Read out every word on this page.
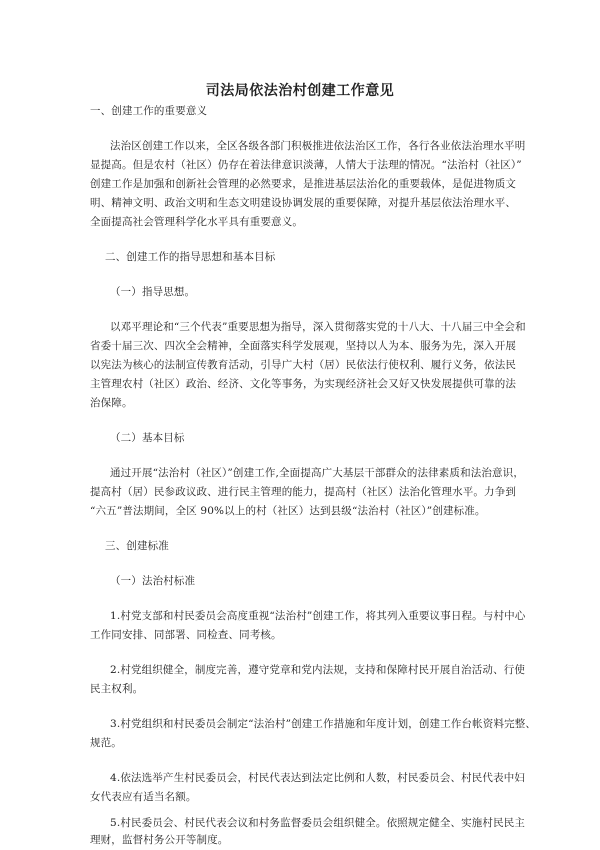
司法局依法治村创建工作意见
一、创建工作的重要意义
法治区创建工作以来，全区各级各部门积极推进依法治区工作，各行各业依法治理水平明
显提高。但是农村（社区）仍存在着法律意识淡薄，人情大于法理的情况。“法治村（社区）”
创建工作是加强和创新社会管理的必然要求，是推进基层法治化的重要载体，是促进物质文
明、精神文明、政治文明和生态文明建设协调发展的重要保障，对提升基层依法治理水平、
全面提高社会管理科学化水平具有重要意义。
二、创建工作的指导思想和基本目标
（一）指导思想。
以邓平理论和“三个代表”重要思想为指导，深入贯彻落实党的十八大、十八届三中全会和
省委十届三次、四次全会精神，全面落实科学发展观，坚持以人为本、服务为先，深入开展
以宪法为核心的法制宣传教育活动，引导广大村（居）民依法行使权利、履行义务，依法民
主管理农村（社区）政治、经济、文化等事务，为实现经济社会又好又快发展提供可靠的法
治保障。
（二）基本目标
通过开展“法治村（社区）”创建工作,全面提高广大基层干部群众的法律素质和法治意识，
提高村（居）民参政议政、进行民主管理的能力，提高村（社区）法治化管理水平。力争到
“六五”普法期间，全区 90%以上的村（社区）达到县级“法治村（社区）”创建标准。
三、创建标准
（一）法治村标准
1.村党支部和村民委员会高度重视“法治村”创建工作，将其列入重要议事日程。与村中心
工作同安排、同部署、同检查、同考核。
2.村党组织健全，制度完善，遵守党章和党内法规，支持和保障村民开展自治活动、行使
民主权利。
3.村党组织和村民委员会制定“法治村”创建工作措施和年度计划，创建工作台帐资料完整、
规范。
4.依法选举产生村民委员会，村民代表达到法定比例和人数，村民委员会、村民代表中妇
女代表应有适当名额。
5.村民委员会、村民代表会议和村务监督委员会组织健全。依照规定健全、实施村民民主
理财，监督村务公开等制度。
